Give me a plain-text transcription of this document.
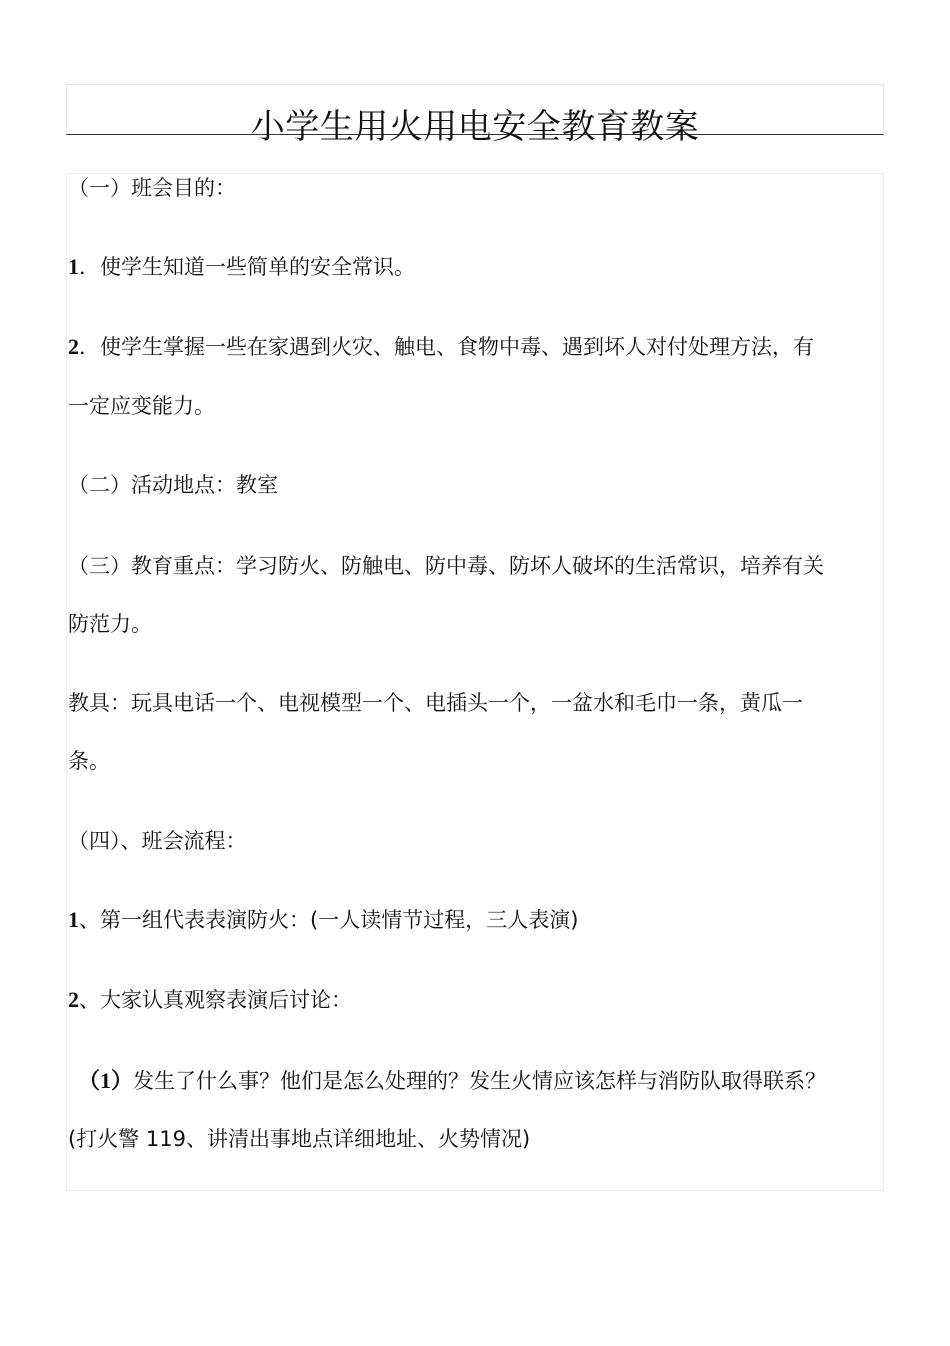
小学生用火用电安全教育教案
（一）班会目的：
1．使学生知道一些简单的安全常识。
2．使学生掌握一些在家遇到火灾、触电、食物中毒、遇到坏人对付处理方法，有
一定应变能力。
（二）活动地点：教室
（三）教育重点：学习防火、防触电、防中毒、防坏人破坏的生活常识，培养有关
防范力。
教具：玩具电话一个、电视模型一个、电插头一个，一盆水和毛巾一条，黄瓜一
条。
（四）、班会流程：
1、第一组代表表演防火：(一人读情节过程，三人表演)
2、大家认真观察表演后讨论：
（1）发生了什么事？他们是怎么处理的？发生火情应该怎样与消防队取得联系？
(打火警 119、讲清出事地点详细地址、火势情况)
